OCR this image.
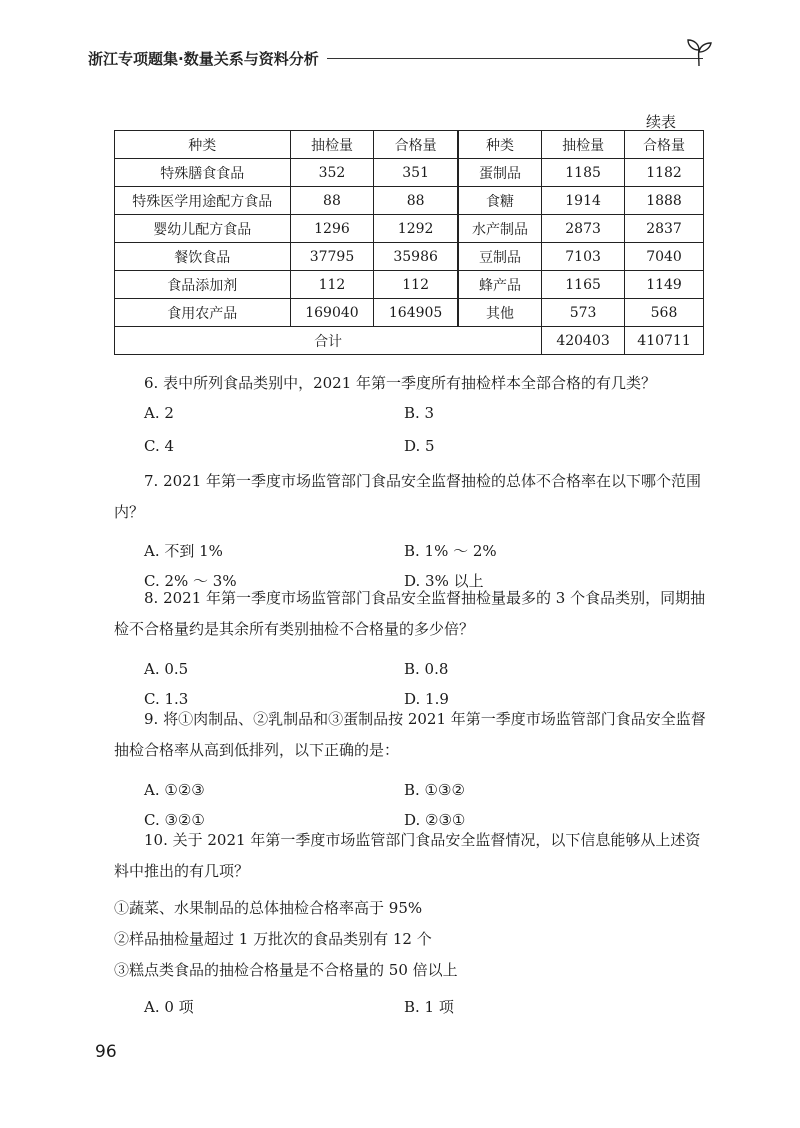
浙江专项题集·数量关系与资料分析
续表
种类	抽检量	合格量	种类	抽检量	合格量
特殊膳食食品	352	351	蛋制品	1185	1182
特殊医学用途配方食品	88	88	食糖	1914	1888
婴幼儿配方食品	1296	1292	水产制品	2873	2837
餐饮食品	37795	35986	豆制品	7103	7040
食品添加剂	112	112	蜂产品	1165	1149
食用农产品	169040	164905	其他	573	568
合计				420403	410711

6. 表中所列食品类别中，2021 年第一季度所有抽检样本全部合格的有几类？

A. 2	B. 3
C. 4	D. 5

7. 2021 年第一季度市场监管部门食品安全监督抽检的总体不合格率在以下哪个范围内？

A. 不到 1%	B. 1% ～ 2%
C. 2% ～ 3%	D. 3% 以上

8. 2021 年第一季度市场监管部门食品安全监督抽检量最多的 3 个食品类别，同期抽检不合格量约是其余所有类别抽检不合格量的多少倍？

A. 0.5	B. 0.8
C. 1.3	D. 1.9

9. 将①肉制品、②乳制品和③蛋制品按 2021 年第一季度市场监管部门食品安全监督抽检合格率从高到低排列，以下正确的是：

A. ①②③	B. ①③②
C. ③②①	D. ②③①

10. 关于 2021 年第一季度市场监管部门食品安全监督情况，以下信息能够从上述资料中推出的有几项？

①蔬菜、水果制品的总体抽检合格率高于 95%

②样品抽检量超过 1 万批次的食品类别有 12 个

③糕点类食品的抽检合格量是不合格量的 50 倍以上

A. 0 项	B. 1 项
96
